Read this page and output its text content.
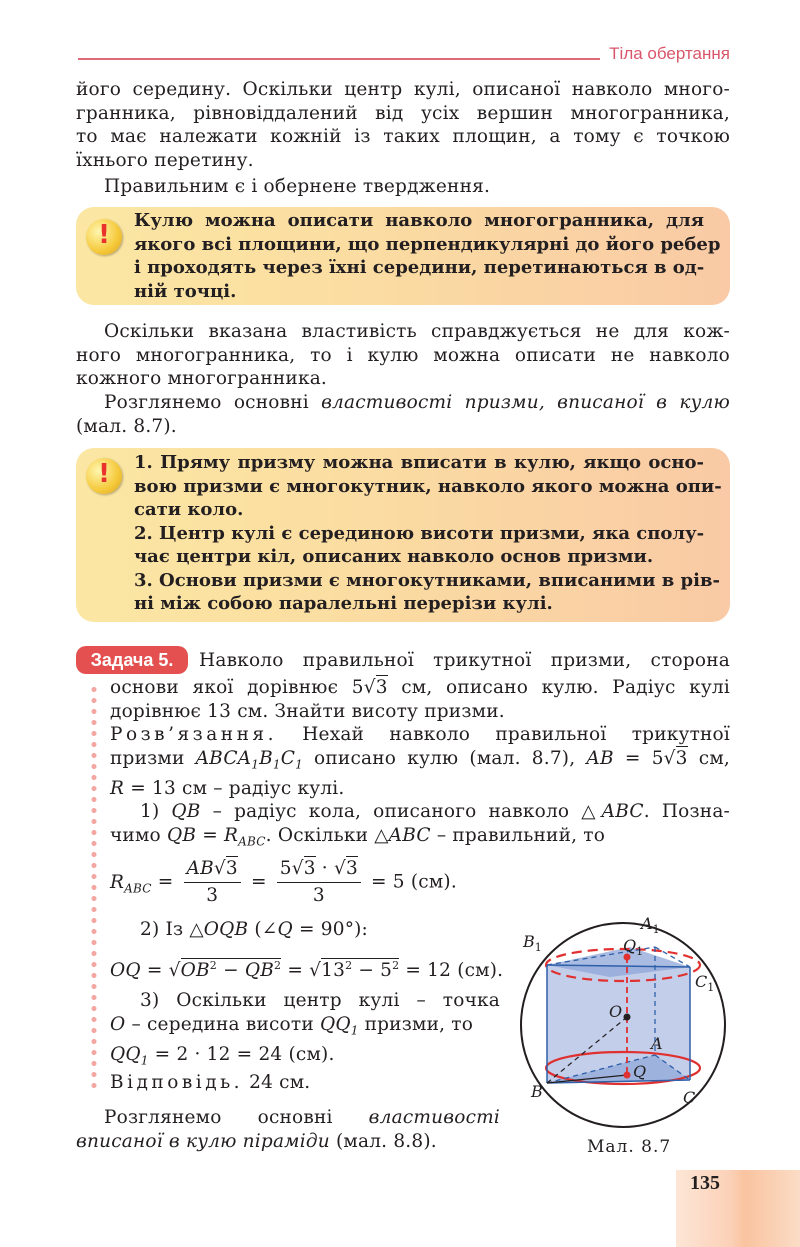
Тіла обертання
його середину. Оскільки центр кулі, описаної навколо много-
гранника, рівновіддалений від усіх вершин многогранника,
то має належати кожній із таких площин, а тому є точкою
їхнього перетину.
Правильним є і обернене твердження.
!	Кулю можна описати навколо многогранника, для
якого всі площини, що перпендикулярні до його ребер
і проходять через їхні середини, перетинаються в од-
ній точці.
Оскільки вказана властивість справджується не для кож-
ного многогранника, то і кулю можна описати не навколо
кожного многогранника.
Розглянемо основні властивості призми, вписаної в кулю
(мал. 8.7).
!	1. Пряму призму можна вписати в кулю, якщо осно-
вою призми є многокутник, навколо якого можна опи-
сати коло.
2. Центр кулі є серединою висоти призми, яка сполу-
чає центри кіл, описаних навколо основ призми.
3. Основи призми є многокутниками, вписаними в рів-
ні між собою паралельні перерізи кулі.
Задача 5.	Навколо правильної трикутної призми, сторона
основи якої дорівнює 5√3 см, описано кулю. Радіус кулі
дорівнює 13 см. Знайти висоту призми.
Розв’язання. Нехай навколо правильної трикутної
призми $ABCA_1B_1C_1$ описано кулю (мал. 8.7), AB = 5√3 см,
R = 13 см – радіус кулі.
1) QB – радіус кола, описаного навколо △ABC. Позна-
чимо QB = $R_{ABC}$. Оскільки △ABC – правильний, то
$R_{ABC} = \frac{AB√3}{3} = \frac{5√3 \cdot √3}{3} = 5$ (см).
2) Із △OQB (∠Q = 90°):
OQ = $√OB^2 - QB^2 = √13^2 - 5^2 = 12$ (см).
3) Оскільки центр кулі – точка
O – середина висоти $QQ_1$ призми, то
$QQ_1 = 2 \cdot 12 = 24$ (см).
Відповідь. 24 см.
Розглянемо основні властивості
вписаної в кулю піраміди (мал. 8.8).
$B_1$
$A_1$
$Q_1$
$C_1$
O
A
Q
B	C
Мал. 8.7
135
